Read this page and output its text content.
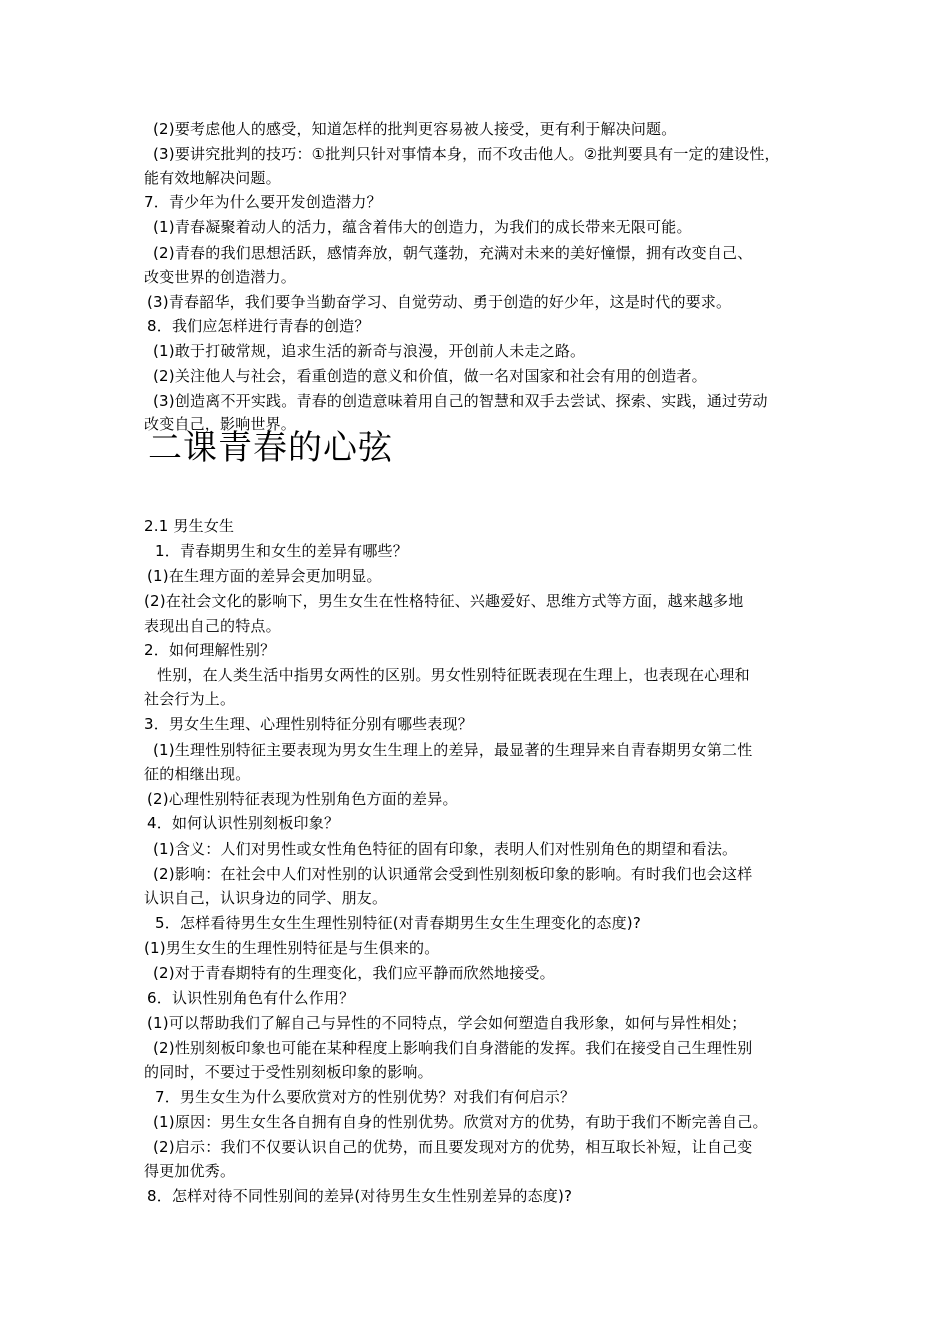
(2)要考虑他人的感受，知道怎样的批判更容易被人接受，更有利于解决问题。
(3)要讲究批判的技巧：①批判只针对事情本身，而不攻击他人。②批判要具有一定的建设性，
能有效地解决问题。
7．青少年为什么要开发创造潜力？
(1)青春凝聚着动人的活力，蕴含着伟大的创造力，为我们的成长带来无限可能。
(2)青春的我们思想活跃，感情奔放，朝气蓬勃，充满对未来的美好憧憬，拥有改变自己、
改变世界的创造潜力。
(3)青春韶华，我们要争当勤奋学习、自觉劳动、勇于创造的好少年，这是时代的要求。
8．我们应怎样进行青春的创造？
(1)敢于打破常规，追求生活的新奇与浪漫，开创前人未走之路。
(2)关注他人与社会，看重创造的意义和价值，做一名对国家和社会有用的创造者。
(3)创造离不开实践。青春的创造意味着用自己的智慧和双手去尝试、探索、实践，通过劳动
改变自己，影响世界。
二课青春的心弦
2.1 男生女生
1．青春期男生和女生的差异有哪些？
(1)在生理方面的差异会更加明显。
(2)在社会文化的影响下，男生女生在性格特征、兴趣爱好、思维方式等方面，越来越多地
表现出自己的特点。
2．如何理解性别？
性别，在人类生活中指男女两性的区别。男女性别特征既表现在生理上，也表现在心理和
社会行为上。
3．男女生生理、心理性别特征分别有哪些表现？
(1)生理性别特征主要表现为男女生生理上的差异，最显著的生理异来自青春期男女第二性
征的相继出现。
(2)心理性别特征表现为性别角色方面的差异。
4．如何认识性别刻板印象？
(1)含义：人们对男性或女性角色特征的固有印象，表明人们对性别角色的期望和看法。
(2)影响：在社会中人们对性别的认识通常会受到性别刻板印象的影响。有时我们也会这样
认识自己，认识身边的同学、朋友。
5．怎样看待男生女生生理性别特征(对青春期男生女生生理变化的态度)?
(1)男生女生的生理性别特征是与生俱来的。
(2)对于青春期特有的生理变化，我们应平静而欣然地接受。
6．认识性别角色有什么作用？
(1)可以帮助我们了解自己与异性的不同特点，学会如何塑造自我形象，如何与异性相处；
(2)性别刻板印象也可能在某种程度上影响我们自身潜能的发挥。我们在接受自己生理性别
的同时，不要过于受性别刻板印象的影响。
7．男生女生为什么要欣赏对方的性别优势？对我们有何启示？
(1)原因：男生女生各自拥有自身的性别优势。欣赏对方的优势，有助于我们不断完善自己。
(2)启示：我们不仅要认识自己的优势，而且要发现对方的优势，相互取长补短，让自己变
得更加优秀。
8．怎样对待不同性别间的差异(对待男生女生性别差异的态度)?
